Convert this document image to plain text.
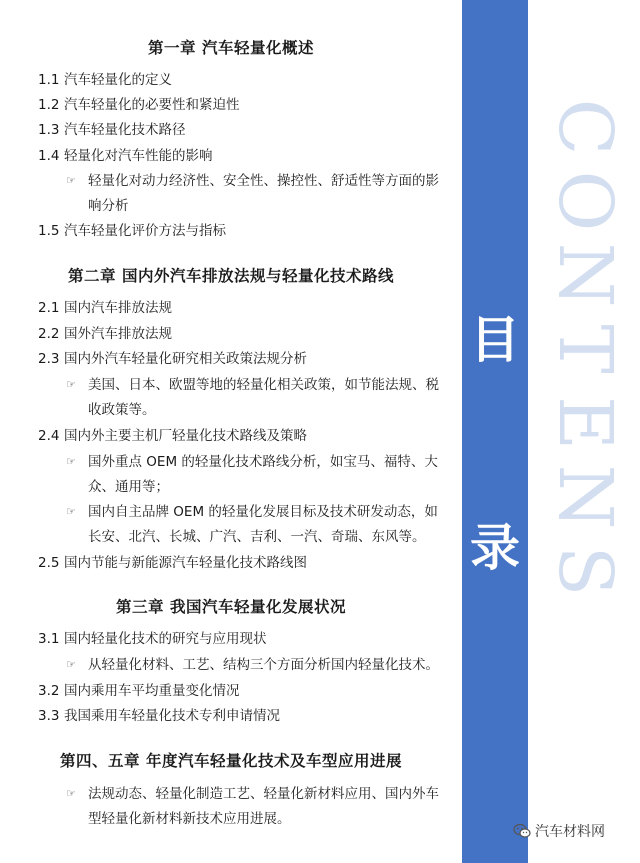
第一章 汽车轻量化概述
1.1 汽车轻量化的定义
1.2 汽车轻量化的必要性和紧迫性
1.3 汽车轻量化技术路径
1.4 轻量化对汽车性能的影响
☞ 轻量化对动力经济性、安全性、操控性、舒适性等方面的影
响分析
1.5 汽车轻量化评价方法与指标
第二章 国内外汽车排放法规与轻量化技术路线
2.1 国内汽车排放法规
2.2 国外汽车排放法规
2.3 国内外汽车轻量化研究相关政策法规分析
☞ 美国、日本、欧盟等地的轻量化相关政策，如节能法规、税
收政策等。
2.4 国内外主要主机厂轻量化技术路线及策略
☞ 国外重点 OEM 的轻量化技术路线分析，如宝马、福特、大
众、通用等；
☞ 国内自主品牌 OEM 的轻量化发展目标及技术研发动态，如
长安、北汽、长城、广汽、吉利、一汽、奇瑞、东风等。
2.5 国内节能与新能源汽车轻量化技术路线图
第三章 我国汽车轻量化发展状况
3.1 国内轻量化技术的研究与应用现状
☞ 从轻量化材料、工艺、结构三个方面分析国内轻量化技术。
3.2 国内乘用车平均重量变化情况
3.3 我国乘用车轻量化技术专利申请情况
第四、五章 年度汽车轻量化技术及车型应用进展
☞ 法规动态、轻量化制造工艺、轻量化新材料应用、国内外车
型轻量化新材料新技术应用进展。
目
录
C
O
N
T
E
N
S
汽车材料网
